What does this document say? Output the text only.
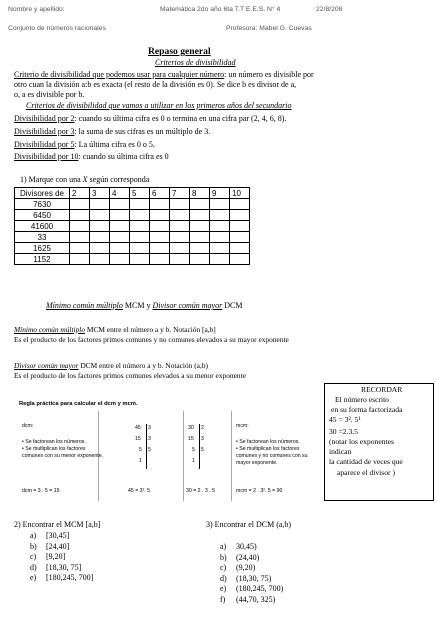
Nombre y apellido:	Matemática 2do año 6ta T.T E.E.S. N° 4	22/8/208
Conjunto de números racionales	Profesora: Mabel G. Cuevas
Repaso general
Criterios de divisibilidad
Criterio de divisibilidad que podemos usar para cualquier número: un número es divisible por
otro cuan la división a:b es exacta (el resto de la división es 0). Se dice b es divisor de a,
o, a es divisible por b.
Criterios de divisibilidad que vamos a utilizar en los primeros años del secundario
Divisibilidad por 2: cuando su última cifra es 0 o termina en una cifra par (2, 4, 6, 8).
Divisibilidad por 3: la suma de sus cifras es un múltiplo de 3.
Divisibilidad por 5: La última cifra es 0 o 5.
Divisibilidad por 10: cuando su última cifra es 0
1) Marque con una X según corresponda
Divisores de	2	3	4	5	6	7	8	9	10
7630									
6450									
41600									
33									
1625									
1152									
Mínimo común múltiplo MCM y Divisor común mayor DCM
Mínimo común múltiplo MCM entre el número a y b. Notación [a,b]
Es el producto de los factores primos comunes y no comunes elevados a su mayor exponente
Divisor común mayor DCM entre el número a y b. Notación (a,b)
Es el producto de los factores primos comunes elevados a su menor exponente
Regla práctica para calcular el dcm y mcm.
dcm:
• Se factorean los números.
• Se multiplican los factores
comunes con su menor exponente.
dcm = 3 . 5 = 15
45 3
15 3
5 5
1
45 = 3². 5
30 2
15 3
5 5
1
30 = 2 . 3 . 5
mcm:
• Se factorean los números.
• Se multiplican los factores
comunes y no comunes con su
mayor exponente.
mcm = 2 . 3². 5 = 90
RECORDAR
El número escrito
en su forma factorizada
45 = 3². 5¹
30 =2.3.5
(notar los exponentes
indican
la cantidad de veces que
aparece el divisor )
2) Encontrar el MCM [a,b]
a) [30,45]
b) [24,40]
c) [9,20]
d) [18,30, 75]
e) [180,245, 700]
3) Encontrar el DCM (a,b)
a) 30,45)
b) (24,40)
c) (9,20)
d) (18,30, 75)
e) (180,245, 700)
f) (44,70, 325)
